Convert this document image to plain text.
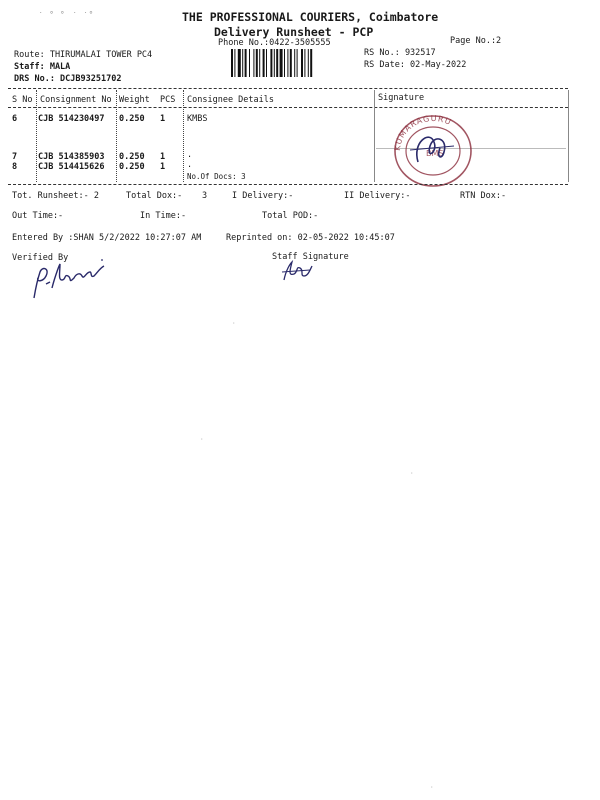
THE PROFESSIONAL COURIERS, Coimbatore
Delivery Runsheet - PCP
Phone No.:0422-3505555	Page No.:2
˙ ˚ ˚ ˙ ˙˚
Route: THIRUMALAI TOWER PC4
Staff: MALA
DRS No.: DCJB93251702
RS No.: 932517
RS Date: 02-May-2022
S No Consignment No Weight PCS Consignee Details	Signature
6 CJB 514230497 0.250 1	KMBS
7 CJB 514385903 0.250 1	.
8 CJB 514415626 0.250 1	.
No.Of Docs: 3
KUMARAGURU
BMS
Tot. Runsheet:- 2	Total Dox:- 3	I Delivery:-	II Delivery:-	RTN Dox:-
Out Time:-	In Time:-	Total POD:-
Entered By :SHAN 5/2/2022 10:27:07 AM	Reprinted on: 02-05-2022 10:45:07
Verified By	Staff Signature
·
·
·
·
